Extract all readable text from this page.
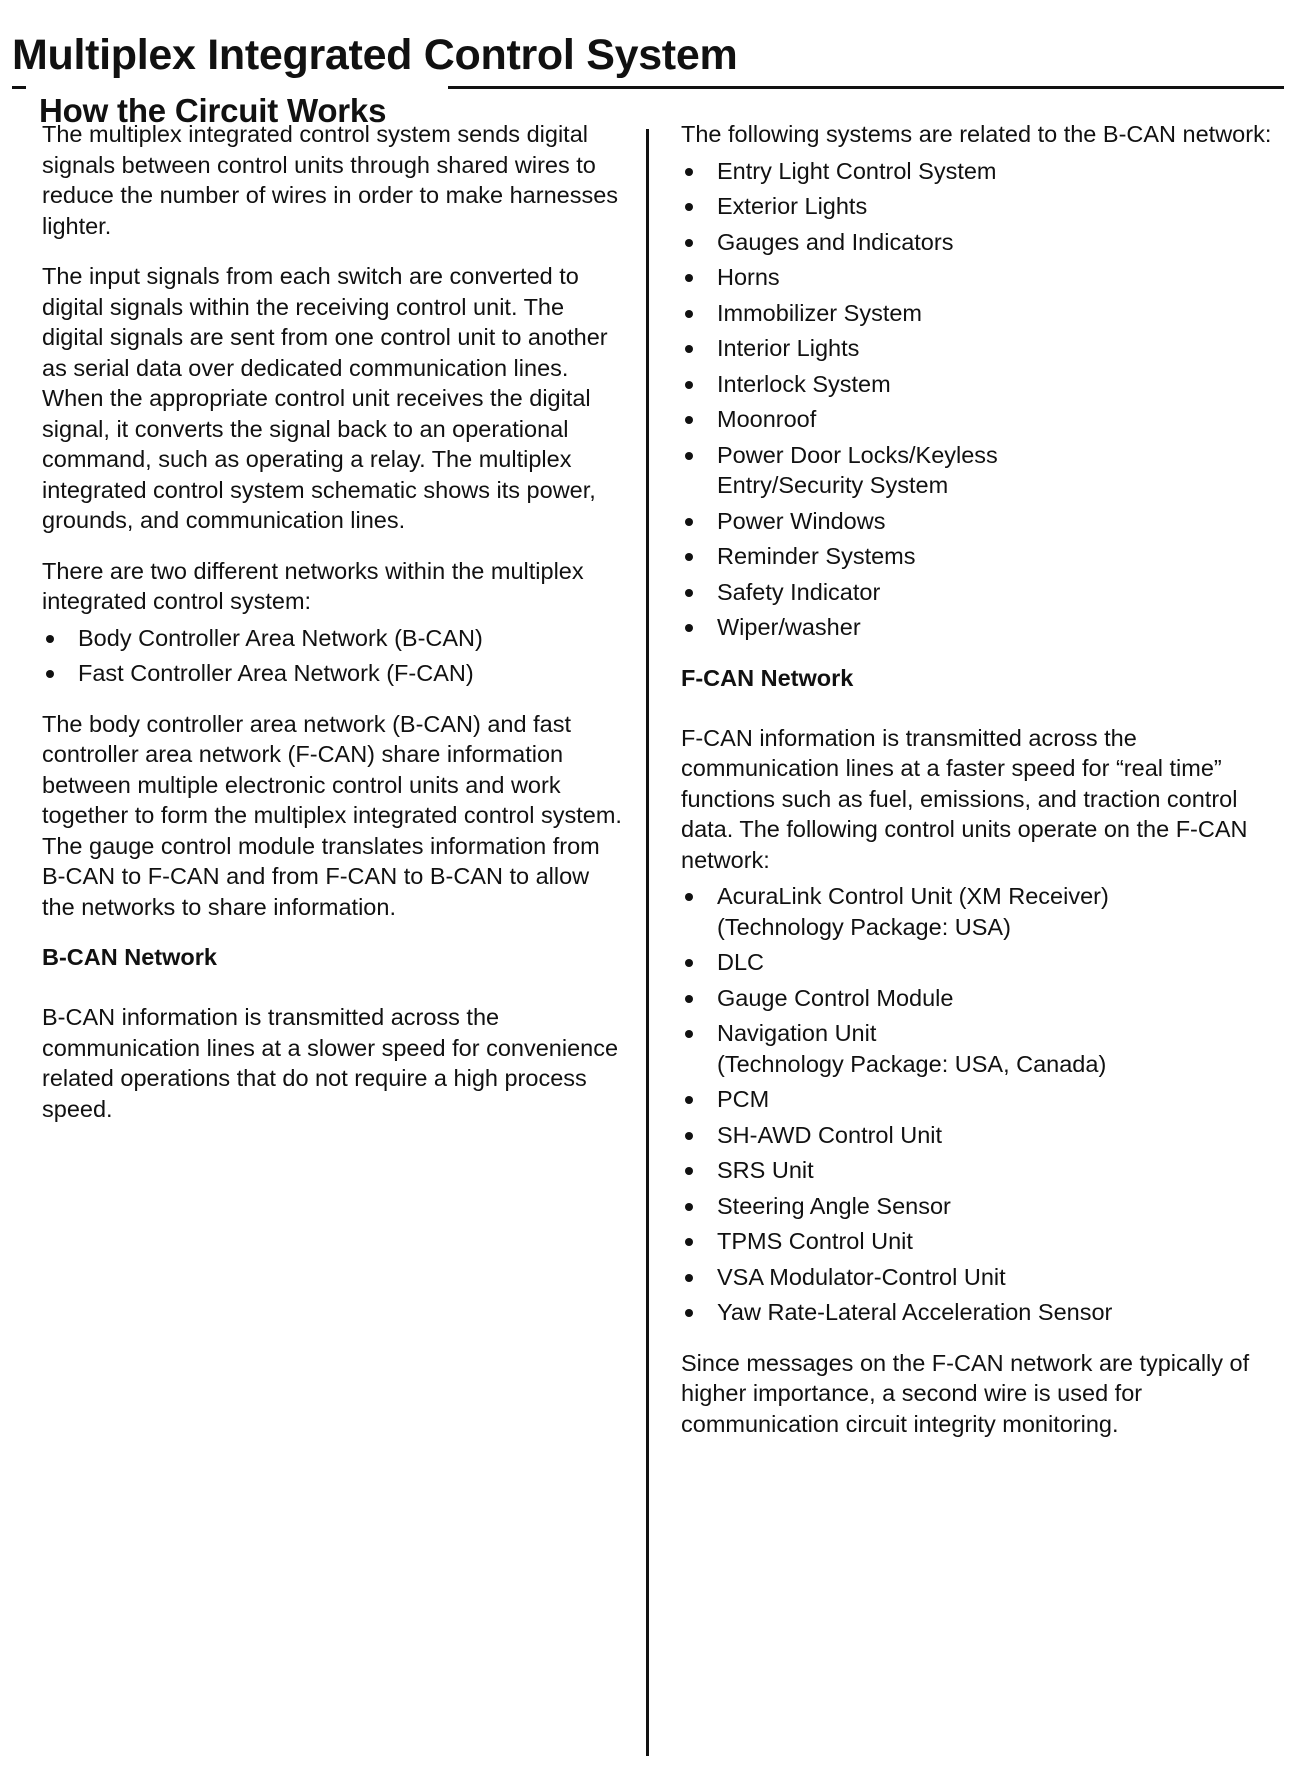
Multiplex Integrated Control System
How the Circuit Works

The multiplex integrated control system sends digital signals between control units through shared wires to reduce the number of wires in order to make harnesses lighter.

The input signals from each switch are converted to digital signals within the receiving control unit. The digital signals are sent from one control unit to another as serial data over dedicated communication lines. When the appropriate control unit receives the digital signal, it converts the signal back to an operational command, such as operating a relay. The multiplex integrated control system schematic shows its power, grounds, and communication lines.

There are two different networks within the multiplex integrated control system:

Body Controller Area Network (B-CAN)
Fast Controller Area Network (F-CAN)

The body controller area network (B-CAN) and fast controller area network (F-CAN) share information between multiple electronic control units and work together to form the multiplex integrated control system. The gauge control module translates information from B-CAN to F-CAN and from F-CAN to B-CAN to allow the networks to share information.

B-CAN Network

B-CAN information is transmitted across the communication lines at a slower speed for convenience related operations that do not require a high process speed.

The following systems are related to the B-CAN network:

Entry Light Control System
Exterior Lights
Gauges and Indicators
Horns
Immobilizer System
Interior Lights
Interlock System
Moonroof
Power Door Locks/Keyless Entry/Security System
Power Windows
Reminder Systems
Safety Indicator
Wiper/washer
F-CAN Network

F-CAN information is transmitted across the communication lines at a faster speed for “real time” functions such as fuel, emissions, and traction control data. The following control units operate on the F-CAN network:

AcuraLink Control Unit (XM Receiver)
(Technology Package: USA)
DLC
Gauge Control Module
Navigation Unit
(Technology Package: USA, Canada)
PCM
SH-AWD Control Unit
SRS Unit
Steering Angle Sensor
TPMS Control Unit
VSA Modulator-Control Unit
Yaw Rate-Lateral Acceleration Sensor

Since messages on the F-CAN network are typically of higher importance, a second wire is used for communication circuit integrity monitoring.
